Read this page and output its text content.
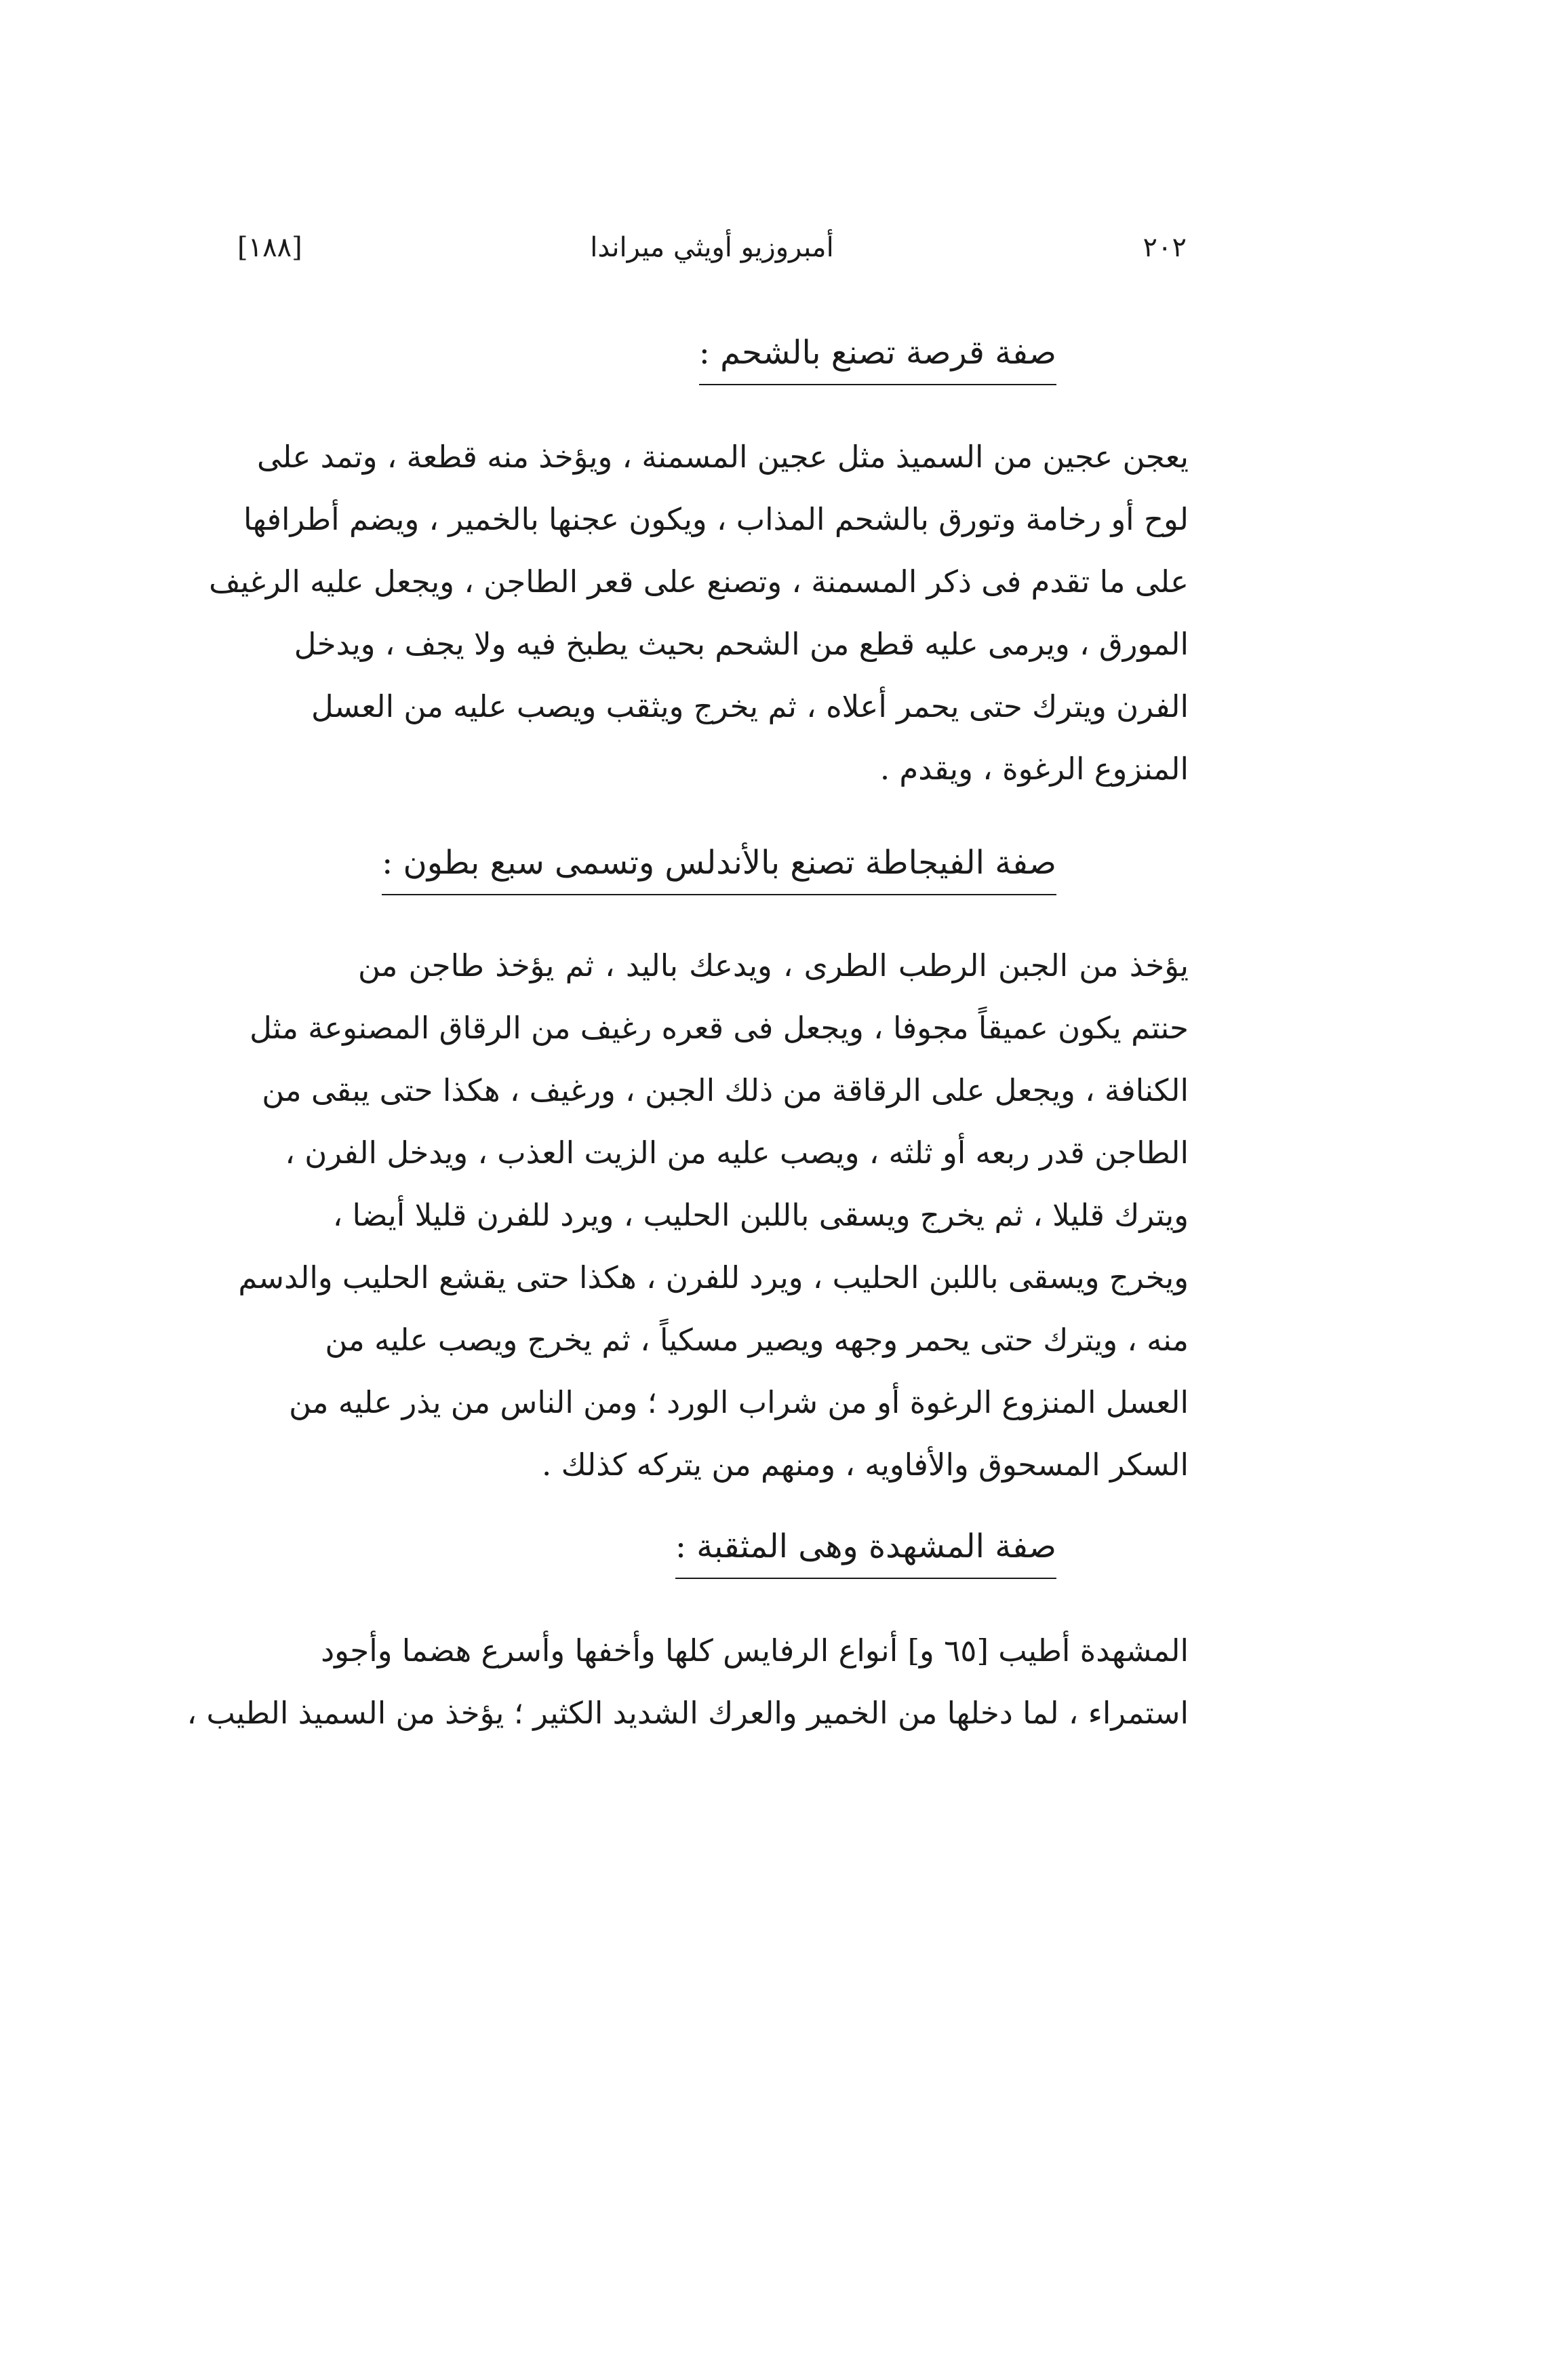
[١٨٨]	أمبروزيو أويثي ميراندا	٢٠٢
صفة قرصة تصنع بالشحم :
يعجن عجين من السميذ مثل عجين المسمنة ، ويؤخذ منه قطعة ، وتمد على
لوح أو رخامة وتورق بالشحم المذاب ، ويكون عجنها بالخمير ، ويضم أطرافها
على ما تقدم فى ذكر المسمنة ، وتصنع على قعر الطاجن ، ويجعل عليه الرغيف
المورق ، ويرمى عليه قطع من الشحم بحيث يطبخ فيه ولا يجف ، ويدخل
الفرن ويترك حتى يحمر أعلاه ، ثم يخرج ويثقب ويصب عليه من العسل
المنزوع الرغوة ، ويقدم .
صفة الفيجاطة تصنع بالأندلس وتسمى سبع بطون :
يؤخذ من الجبن الرطب الطرى ، ويدعك باليد ، ثم يؤخذ طاجن من
حنتم يكون عميقاً مجوفا ، ويجعل فى قعره رغيف من الرقاق المصنوعة مثل
الكنافة ، ويجعل على الرقاقة من ذلك الجبن ، ورغيف ، هكذا حتى يبقى من
الطاجن قدر ربعه أو ثلثه ، ويصب عليه من الزيت العذب ، ويدخل الفرن ،
ويترك قليلا ، ثم يخرج ويسقى باللبن الحليب ، ويرد للفرن قليلا أيضا ،
ويخرج ويسقى باللبن الحليب ، ويرد للفرن ، هكذا حتى يقشع الحليب والدسم
منه ، ويترك حتى يحمر وجهه ويصير مسكياً ، ثم يخرج ويصب عليه من
العسل المنزوع الرغوة أو من شراب الورد ؛ ومن الناس من يذر عليه من
السكر المسحوق والأفاويه ، ومنهم من يتركه كذلك .
صفة المشهدة وهى المثقبة :
المشهدة أطيب [٦٥ و] أنواع الرفايس كلها وأخفها وأسرع هضما وأجود
استمراء ، لما دخلها من الخمير والعرك الشديد الكثير ؛ يؤخذ من السميذ الطيب ،
